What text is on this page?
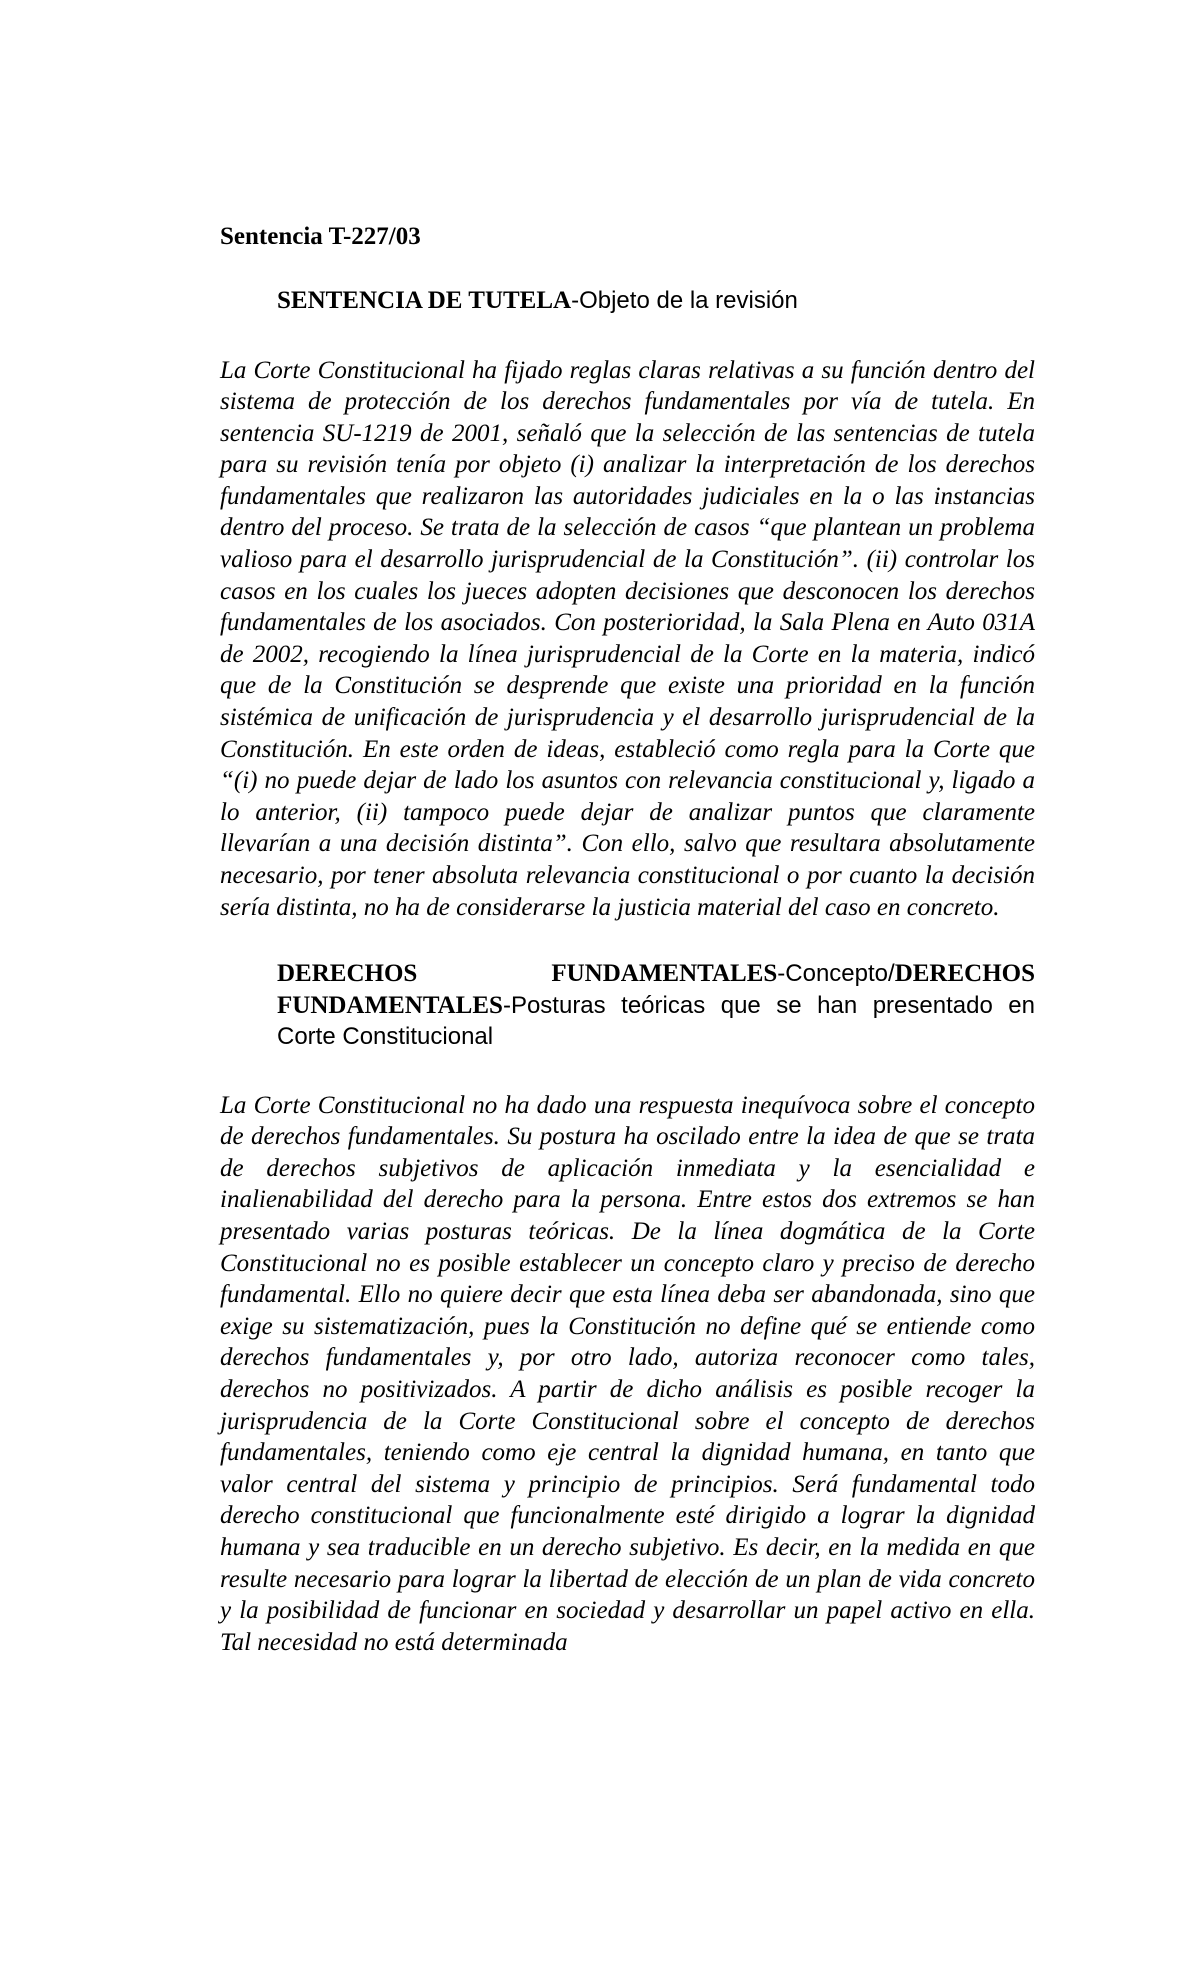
Sentencia T-227/03

SENTENCIA DE TUTELA-Objeto de la revisión

La Corte Constitucional ha fijado reglas claras relativas a su función dentro del sistema de protección de los derechos fundamentales por vía de tutela. En sentencia SU-1219 de 2001, señaló que la selección de las sentencias de tutela para su revisión tenía por objeto (i) analizar la interpretación de los derechos fundamentales que realizaron las autoridades judiciales en la o las instancias dentro del proceso. Se trata de la selección de casos “que plantean un problema valioso para el desarrollo jurisprudencial de la Constitución”. (ii) controlar los casos en los cuales los jueces adopten decisiones que desconocen los derechos fundamentales de los asociados. Con posterioridad, la Sala Plena en Auto 031A de 2002, recogiendo la línea jurisprudencial de la Corte en la materia, indicó que de la Constitución se desprende que existe una prioridad en la función sistémica de unificación de jurisprudencia y el desarrollo jurisprudencial de la Constitución. En este orden de ideas, estableció como regla para la Corte que “(i) no puede dejar de lado los asuntos con relevancia constitucional y, ligado a lo anterior, (ii) tampoco puede dejar de analizar puntos que claramente llevarían a una decisión distinta”. Con ello, salvo que resultara absolutamente necesario, por tener absoluta relevancia constitucional o por cuanto la decisión sería distinta, no ha de considerarse la justicia material del caso en concreto.

DERECHOS FUNDAMENTALES-Concepto/DERECHOS FUNDAMENTALES-Posturas teóricas que se han presentado en Corte Constitucional

La Corte Constitucional no ha dado una respuesta inequívoca sobre el concepto de derechos fundamentales. Su postura ha oscilado entre la idea de que se trata de derechos subjetivos de aplicación inmediata y la esencialidad e inalienabilidad del derecho para la persona. Entre estos dos extremos se han presentado varias posturas teóricas. De la línea dogmática de la Corte Constitucional no es posible establecer un concepto claro y preciso de derecho fundamental. Ello no quiere decir que esta línea deba ser abandonada, sino que exige su sistematización, pues la Constitución no define qué se entiende como derechos fundamentales y, por otro lado, autoriza reconocer como tales, derechos no positivizados. A partir de dicho análisis es posible recoger la jurisprudencia de la Corte Constitucional sobre el concepto de derechos fundamentales, teniendo como eje central la dignidad humana, en tanto que valor central del sistema y principio de principios. Será fundamental todo derecho constitucional que funcionalmente esté dirigido a lograr la dignidad humana y sea traducible en un derecho subjetivo. Es decir, en la medida en que resulte necesario para lograr la libertad de elección de un plan de vida concreto y la posibilidad de funcionar en sociedad y desarrollar un papel activo en ella. Tal necesidad no está determinada
